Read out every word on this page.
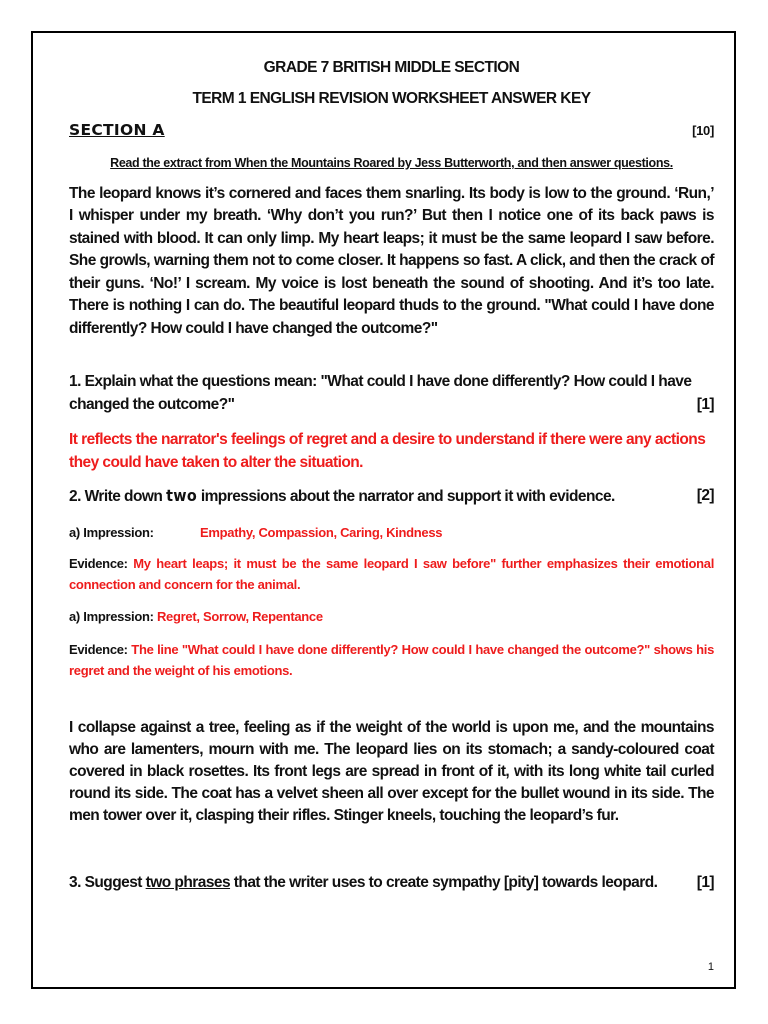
GRADE 7 BRITISH MIDDLE SECTION

TERM 1 ENGLISH REVISION WORKSHEET ANSWER KEY

SECTION A	[10]

Read the extract from When the Mountains Roared by Jess Butterworth, and then answer questions.

The leopard knows it’s cornered and faces them snarling. Its body is low to the ground. ‘Run,’ I whisper under my breath. ‘Why don’t you run?’ But then I notice one of its back paws is stained with blood. It can only limp. My heart leaps; it must be the same leopard I saw before. She growls, warning them not to come closer. It happens so fast. A click, and then the crack of their guns. ‘No!’ I scream. My voice is lost beneath the sound of shooting. And it’s too late. There is nothing I can do. The beautiful leopard thuds to the ground. "What could I have done differently? How could I have changed the outcome?"

1. Explain what the questions mean: "What could I have done differently? How could I have

changed the outcome?"	[1]

It reflects the narrator's feelings of regret and a desire to understand if there were any actions they could have taken to alter the situation.

2. Write down two impressions about the narrator and support it with evidence.	[2]

a) Impression:	Empathy, Compassion, Caring, Kindness

Evidence: My heart leaps; it must be the same leopard I saw before" further emphasizes their emotional connection and concern for the animal.

a) Impression: Regret, Sorrow, Repentance

Evidence: The line "What could I have done differently? How could I have changed the outcome?" shows his regret and the weight of his emotions.

I collapse against a tree, feeling as if the weight of the world is upon me, and the mountains who are lamenters, mourn with me. The leopard lies on its stomach; a sandy-coloured coat covered in black rosettes. Its front legs are spread in front of it, with its long white tail curled round its side. The coat has a velvet sheen all over except for the bullet wound in its side. The men tower over it, clasping their rifles. Stinger kneels, touching the leopard’s fur.

3. Suggest two phrases that the writer uses to create sympathy [pity] towards leopard.	[1]
1
